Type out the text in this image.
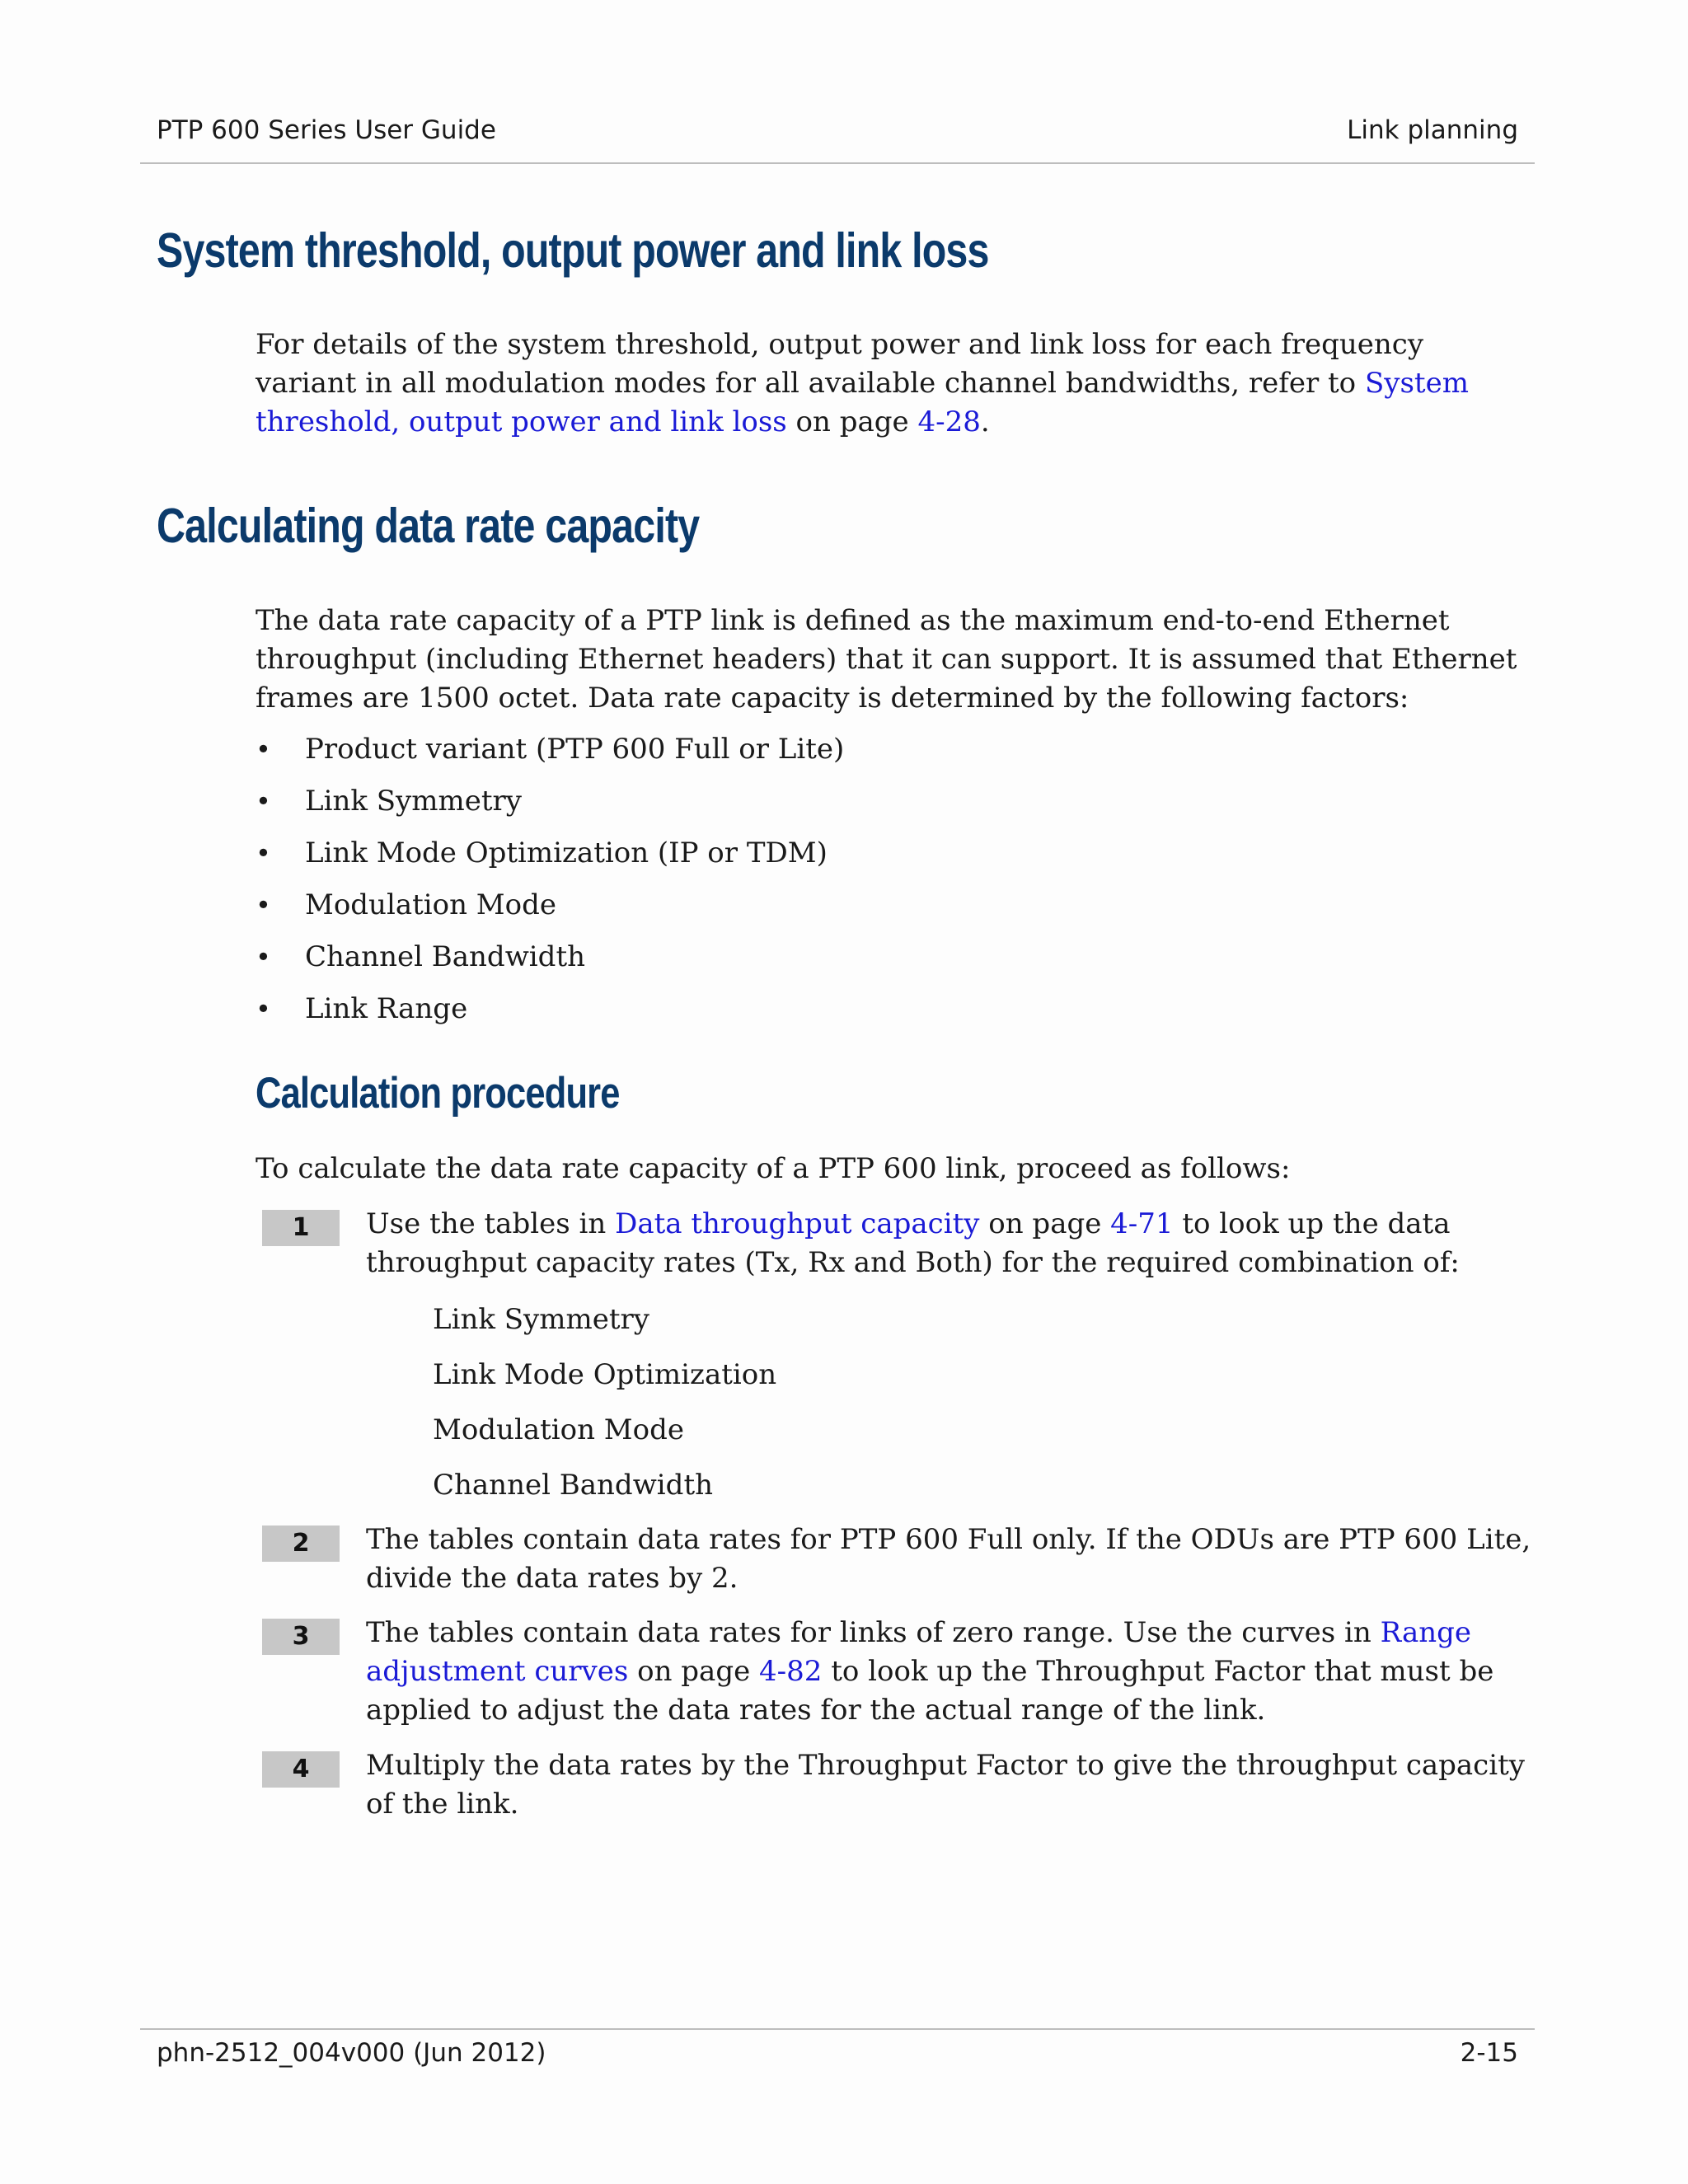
PTP 600 Series User Guide	Link planning
System threshold, output power and link loss
For details of the system threshold, output power and link loss for each frequency variant in all modulation modes for all available channel bandwidths, refer to System threshold, output power and link loss on page 4-28.
Calculating data rate capacity
The data rate capacity of a PTP link is defined as the maximum end-to-end Ethernet throughput (including Ethernet headers) that it can support. It is assumed that Ethernet frames are 1500 octet. Data rate capacity is determined by the following factors:
• Product variant (PTP 600 Full or Lite)
• Link Symmetry
• Link Mode Optimization (IP or TDM)
• Modulation Mode
• Channel Bandwidth
• Link Range
Calculation procedure
To calculate the data rate capacity of a PTP 600 link, proceed as follows:
1	Use the tables in Data throughput capacity on page 4-71 to look up the data throughput capacity rates (Tx, Rx and Both) for the required combination of:
Link Symmetry
Link Mode Optimization
Modulation Mode
Channel Bandwidth
2	The tables contain data rates for PTP 600 Full only. If the ODUs are PTP 600 Lite, divide the data rates by 2.
3	The tables contain data rates for links of zero range. Use the curves in Range adjustment curves on page 4-82 to look up the Throughput Factor that must be applied to adjust the data rates for the actual range of the link.
4	Multiply the data rates by the Throughput Factor to give the throughput capacity of the link.
phn-2512_004v000 (Jun 2012)	2-15
